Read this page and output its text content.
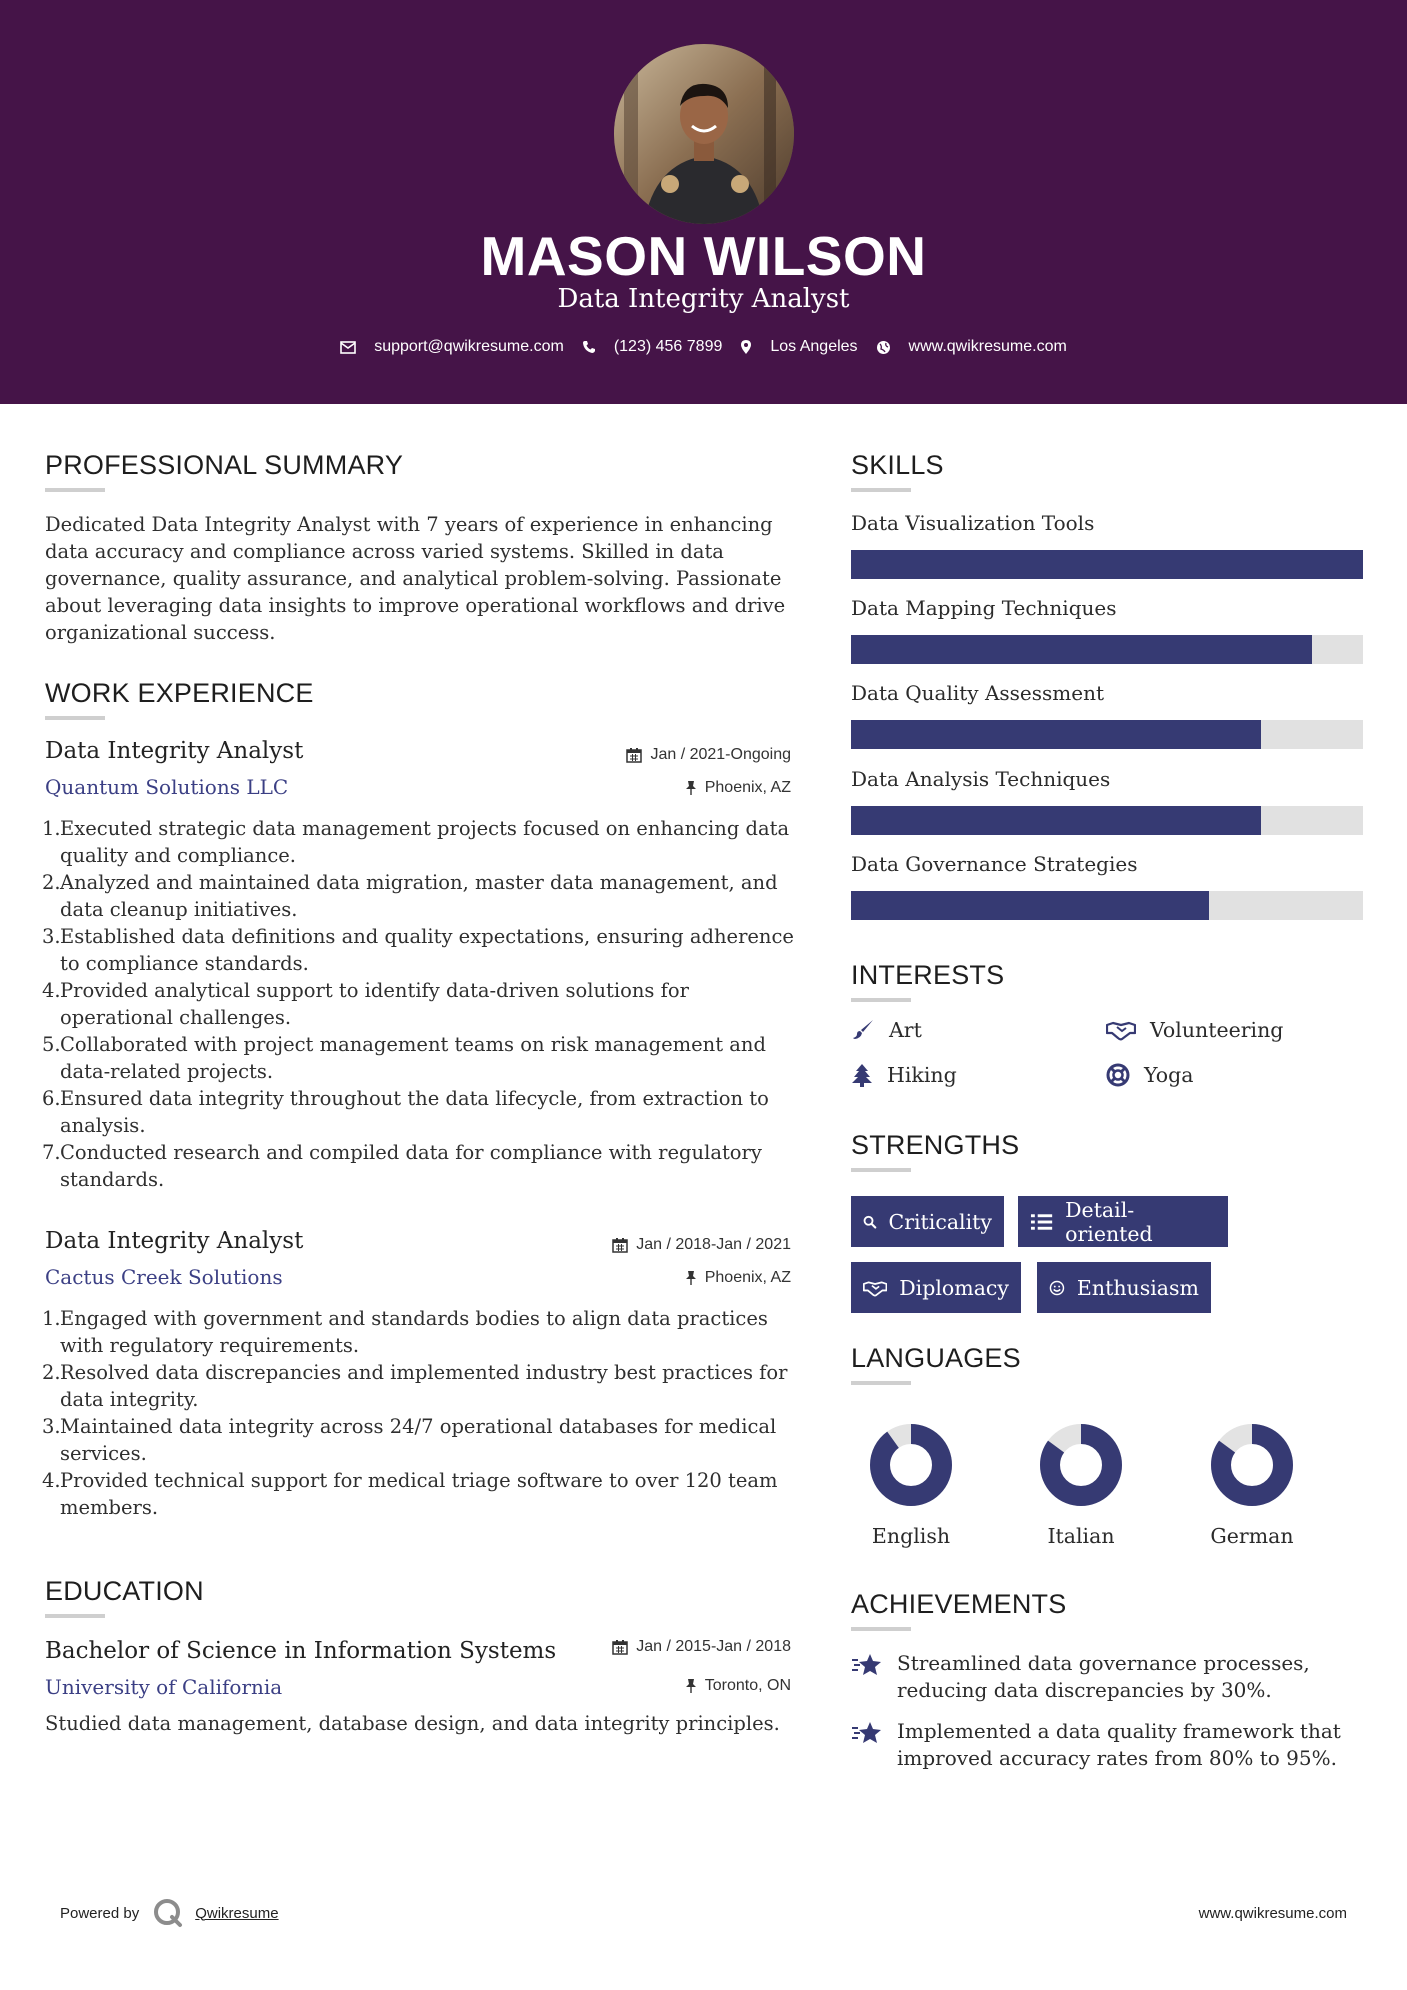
MASON WILSON
Data Integrity Analyst
support@qwikresume.com	(123) 456 7899	Los Angeles	www.qwikresume.com
PROFESSIONAL SUMMARY
Dedicated Data Integrity Analyst with 7 years of experience in enhancing
data accuracy and compliance across varied systems. Skilled in data
governance, quality assurance, and analytical problem-solving. Passionate
about leveraging data insights to improve operational workflows and drive
organizational success.
WORK EXPERIENCE
Data Integrity Analyst
Quantum Solutions LLC
Jan / 2021-Ongoing
Phoenix, AZ
1. Executed strategic data management projects focused on enhancing data
quality and compliance.
2. Analyzed and maintained data migration, master data management, and
data cleanup initiatives.
3. Established data definitions and quality expectations, ensuring adherence
to compliance standards.
4. Provided analytical support to identify data-driven solutions for
operational challenges.
5. Collaborated with project management teams on risk management and
data-related projects.
6. Ensured data integrity throughout the data lifecycle, from extraction to
analysis.
7. Conducted research and compiled data for compliance with regulatory
standards.
Data Integrity Analyst
Cactus Creek Solutions
Jan / 2018-Jan / 2021
Phoenix, AZ
1. Engaged with government and standards bodies to align data practices
with regulatory requirements.
2. Resolved data discrepancies and implemented industry best practices for
data integrity.
3. Maintained data integrity across 24/7 operational databases for medical
services.
4. Provided technical support for medical triage software to over 120 team
members.
EDUCATION
Bachelor of Science in Information Systems
University of California
Jan / 2015-Jan / 2018
Toronto, ON
Studied data management, database design, and data integrity principles.
SKILLS
Data Visualization Tools
Data Mapping Techniques
Data Quality Assessment
Data Analysis Techniques
Data Governance Strategies
INTERESTS
Art	Volunteering
Hiking	Yoga
STRENGTHS
Criticality	Detail-oriented
Diplomacy	Enthusiasm
LANGUAGES
English	Italian	German
ACHIEVEMENTS
Streamlined data governance processes,
reducing data discrepancies by 30%.
Implemented a data quality framework that
improved accuracy rates from 80% to 95%.
Powered by	Qwikresume	www.qwikresume.com
